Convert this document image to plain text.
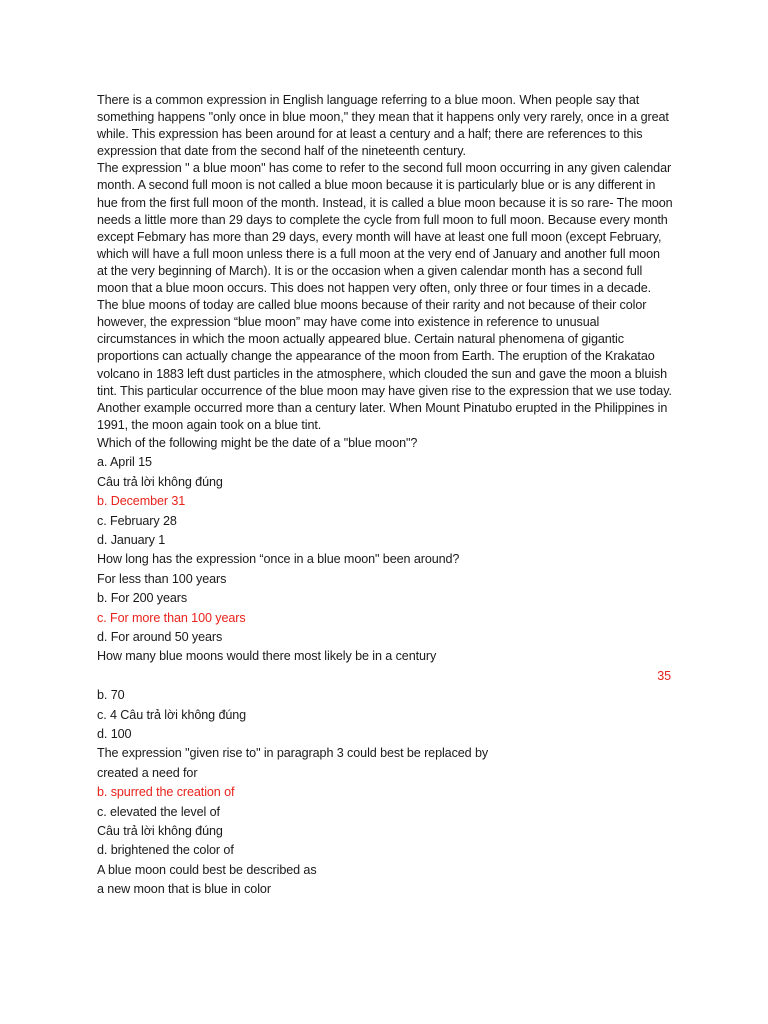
There is a common expression in English language referring to a blue moon. When people say that something happens "only once in blue moon," they mean that it happens only very rarely, once in a great while. This expression has been around for at least a century and a half; there are references to this expression that date from the second half of the nineteenth century.
The expression " a blue moon" has come to refer to the second full moon occurring in any given calendar month. A second full moon is not called a blue moon because it is particularly blue or is any different in hue from the first full moon of the month. Instead, it is called a blue moon because it is so rare- The moon needs a little more than 29 days to complete the cycle from full moon to full moon. Because every month except Febmary has more than 29 days, every month will have at least one full moon (except February, which will have a full moon unless there is a full moon at the very end of January and another full moon at the very beginning of March). It is or the occasion when a given calendar month has a second full moon that a blue moon occurs. This does not happen very often, only three or four times in a decade.
The blue moons of today are called blue moons because of their rarity and not because of their color however, the expression “blue moon” may have come into existence in reference to unusual circumstances in which the moon actually appeared blue. Certain natural phenomena of gigantic proportions can actually change the appearance of the moon from Earth. The eruption of the Krakatao volcano in 1883 left dust particles in the atmosphere, which clouded the sun and gave the moon a bluish tint. This particular occurrence of the blue moon may have given rise to the expression that we use today. Another example occurred more than a century later. When Mount Pinatubo erupted in the Philippines in 1991, the moon again took on a blue tint.
Which of the following might be the date of a "blue moon"?
a. April 15
Câu trả lời không đúng
b. December 31
c. February 28
d. January 1
How long has the expression “once in a blue moon" been around?
For less than 100 years
b. For 200 years
c. For more than 100 years
d. For around 50 years
How many blue moons would there most likely be in a century
35
b. 70
c. 4 Câu trả lời không đúng
d. 100
The expression "given rise to" in paragraph 3 could best be replaced by
created a need for
b. spurred the creation of
c. elevated the level of
Câu trả lời không đúng
d. brightened the color of
A blue moon could best be described as
a new moon that is blue in color
